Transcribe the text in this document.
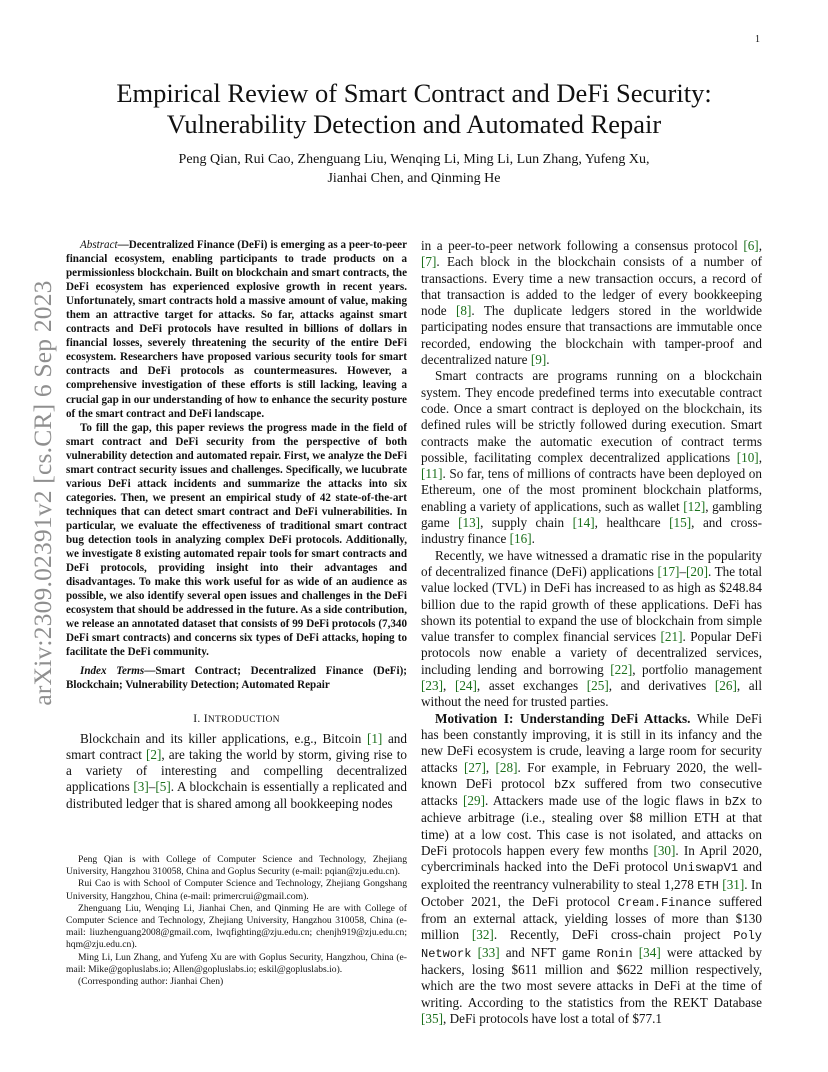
1
arXiv:2309.02391v2 [cs.CR] 6 Sep 2023
Empirical Review of Smart Contract and DeFi Security:
Vulnerability Detection and Automated Repair
Peng Qian, Rui Cao, Zhenguang Liu, Wenqing Li, Ming Li, Lun Zhang, Yufeng Xu,
Jianhai Chen, and Qinming He

Abstract—Decentralized Finance (DeFi) is emerging as a peer-to-peer financial ecosystem, enabling participants to trade products on a permissionless blockchain. Built on blockchain and smart contracts, the DeFi ecosystem has experienced explosive growth in recent years. Unfortunately, smart contracts hold a massive amount of value, making them an attractive target for attacks. So far, attacks against smart contracts and DeFi protocols have resulted in billions of dollars in financial losses, severely threatening the security of the entire DeFi ecosystem. Researchers have proposed various security tools for smart contracts and DeFi protocols as countermeasures. However, a comprehensive investigation of these efforts is still lacking, leaving a crucial gap in our understanding of how to enhance the security posture of the smart contract and DeFi landscape.

To fill the gap, this paper reviews the progress made in the field of smart contract and DeFi security from the perspective of both vulnerability detection and automated repair. First, we analyze the DeFi smart contract security issues and challenges. Specifically, we lucubrate various DeFi attack incidents and summarize the attacks into six categories. Then, we present an empirical study of 42 state-of-the-art techniques that can detect smart contract and DeFi vulnerabilities. In particular, we evaluate the effectiveness of traditional smart contract bug detection tools in analyzing complex DeFi protocols. Additionally, we investigate 8 existing automated repair tools for smart contracts and DeFi protocols, providing insight into their advantages and disadvantages. To make this work useful for as wide of an audience as possible, we also identify several open issues and challenges in the DeFi ecosystem that should be addressed in the future. As a side contribution, we release an annotated dataset that consists of 99 DeFi protocols (7,340 DeFi smart contracts) and concerns six types of DeFi attacks, hoping to facilitate the DeFi community.

Index Terms—Smart Contract; Decentralized Finance (DeFi); Blockchain; Vulnerability Detection; Automated Repair

I. INTRODUCTION

Blockchain and its killer applications, e.g., Bitcoin [1] and smart contract [2], are taking the world by storm, giving rise to a variety of interesting and compelling decentralized applications [3]–[5]. A blockchain is essentially a replicated and distributed ledger that is shared among all bookkeeping nodes

Peng Qian is with College of Computer Science and Technology, Zhejiang University, Hangzhou 310058, China and Goplus Security (e-mail: pqian@zju.edu.cn).

Rui Cao is with School of Computer Science and Technology, Zhejiang Gongshang University, Hangzhou, China (e-mail: primercrui@gmail.com).

Zhenguang Liu, Wenqing Li, Jianhai Chen, and Qinming He are with College of Computer Science and Technology, Zhejiang University, Hangzhou 310058, China (e-mail: liuzhenguang2008@gmail.com, lwqfighting@zju.edu.cn; chenjh919@zju.edu.cn; hqm@zju.edu.cn).

Ming Li, Lun Zhang, and Yufeng Xu are with Goplus Security, Hangzhou, China (e-mail: Mike@gopluslabs.io; Allen@gopluslabs.io; eskil@gopluslabs.io).

(Corresponding author: Jianhai Chen)

in a peer-to-peer network following a consensus protocol [6], [7]. Each block in the blockchain consists of a number of transactions. Every time a new transaction occurs, a record of that transaction is added to the ledger of every bookkeeping node [8]. The duplicate ledgers stored in the worldwide participating nodes ensure that transactions are immutable once recorded, endowing the blockchain with tamper-proof and decentralized nature [9].

Smart contracts are programs running on a blockchain system. They encode predefined terms into executable contract code. Once a smart contract is deployed on the blockchain, its defined rules will be strictly followed during execution. Smart contracts make the automatic execution of contract terms possible, facilitating complex decentralized applications [10], [11]. So far, tens of millions of contracts have been deployed on Ethereum, one of the most prominent blockchain platforms, enabling a variety of applications, such as wallet [12], gambling game [13], supply chain [14], healthcare [15], and cross-industry finance [16].

Recently, we have witnessed a dramatic rise in the popularity of decentralized finance (DeFi) applications [17]–[20]. The total value locked (TVL) in DeFi has increased to as high as $248.84 billion due to the rapid growth of these applications. DeFi has shown its potential to expand the use of blockchain from simple value transfer to complex financial services [21]. Popular DeFi protocols now enable a variety of decentralized services, including lending and borrowing [22], portfolio management [23], [24], asset exchanges [25], and derivatives [26], all without the need for trusted parties.

Motivation I: Understanding DeFi Attacks. While DeFi has been constantly improving, it is still in its infancy and the new DeFi ecosystem is crude, leaving a large room for security attacks [27], [28]. For example, in February 2020, the well-known DeFi protocol bZx suffered from two consecutive attacks [29]. Attackers made use of the logic flaws in bZx to achieve arbitrage (i.e., stealing over $8 million ETH at that time) at a low cost. This case is not isolated, and attacks on DeFi protocols happen every few months [30]. In April 2020, cybercriminals hacked into the DeFi protocol UniswapV1 and exploited the reentrancy vulnerability to steal 1,278 ETH [31]. In October 2021, the DeFi protocol Cream.Finance suffered from an external attack, yielding losses of more than $130 million [32]. Recently, DeFi cross-chain project Poly Network [33] and NFT game Ronin [34] were attacked by hackers, losing $611 million and $622 million respectively, which are the two most severe attacks in DeFi at the time of writing. According to the statistics from the REKT Database [35], DeFi protocols have lost a total of $77.1
